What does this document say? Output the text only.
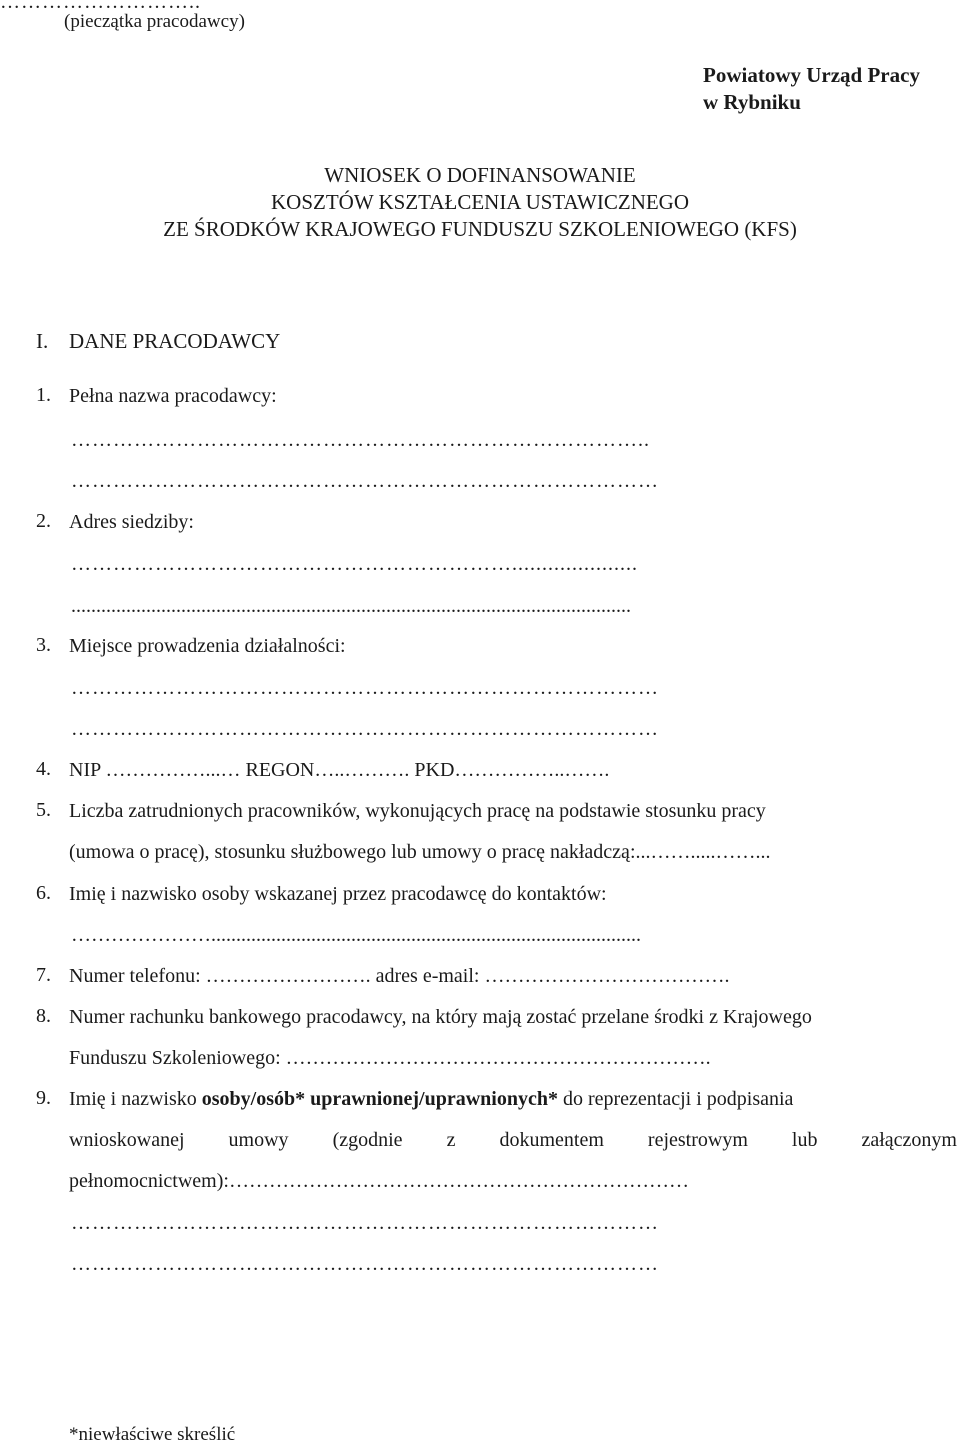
………………………..
(pieczątka pracodawcy)
Powiatowy Urząd Pracy
w Rybniku
WNIOSEK O DOFINANSOWANIE
KOSZTÓW KSZTAŁCENIA USTAWICZNEGO
ZE ŚRODKÓW KRAJOWEGO FUNDUSZU SZKOLENIOWEGO (KFS)
I. DANE PRACODAWCY
1. Pełna nazwa pracodawcy:
………………………………………………………………………..
…………………………………………………………………………
2. Adres siedziby:
……………………………………………………….....................
................................................................................................................
3. Miejsce prowadzenia działalności:
…………………………………………………………………………
…………………………………………………………………………
4. NIP ……………...… REGON…..………. PKD……………..…….
5. Liczba zatrudnionych pracowników, wykonujących pracę na podstawie stosunku pracy
(umowa o pracę), stosunku służbowego lub umowy o pracę nakładczą:...…….....……...
6. Imię i nazwisko osoby wskazanej przez pracodawcę do kontaktów:
…………………......................................................................................
7. Numer telefonu: ……………………. adres e-mail: ……………………………….
8. Numer rachunku bankowego pracodawcy, na który mają zostać przelane środki z Krajowego
Funduszu Szkoleniowego: ……………………………………………………….
9. Imię i nazwisko osoby/osób* uprawnionej/uprawnionych* do reprezentacji i podpisania
wnioskowanej umowy (zgodnie z dokumentem rejestrowym lub załączonym
pełnomocnictwem):……………………………………………………………
…………………………………………………………………………
…………………………………………………………………………
*niewłaściwe skreślić
